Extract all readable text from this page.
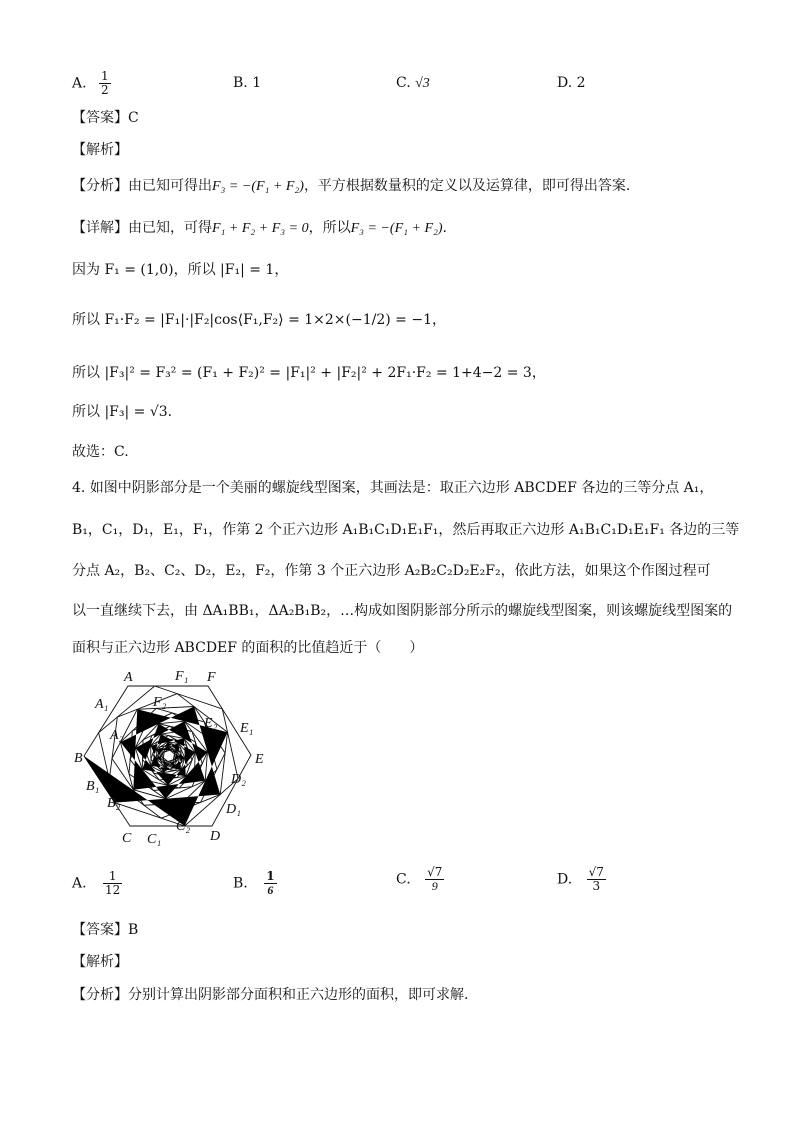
A. $\frac{1}{2}$	B. 1	C. √3	D. 2
【答案】C
【解析】
【分析】由已知可得出F₃ = −(F₁ + F₂)，平方根据数量积的定义以及运算律，即可得出答案.
【详解】由已知，可得F₁ + F₂ + F₃ = 0，所以F₃ = −(F₁ + F₂).
因为 F₁ = (1,0)，所以 |F₁| = 1，
所以 F₁·F₂ = |F₁|·|F₂|cos⟨F₁,F₂⟩ = 1×2×(−1/2) = −1，
所以 |F₃|² = F₃² = (F₁ + F₂)² = |F₁|² + |F₂|² + 2F₁·F₂ = 1+4−2 = 3，
所以 |F₃| = √3.
故选：C.
4. 如图中阴影部分是一个美丽的螺旋线型图案，其画法是：取正六边形 ABCDEF 各边的三等分点 A₁，
B₁，C₁，D₁，E₁，F₁，作第 2 个正六边形 A₁B₁C₁D₁E₁F₁，然后再取正六边形 A₁B₁C₁D₁E₁F₁ 各边的三等
分点 A₂，B₂、C₂、D₂，E₂，F₂，作第 3 个正六边形 A₂B₂C₂D₂E₂F₂，依此方法，如果这个作图过程可
以一直继续下去，由 ΔA₁BB₁，ΔA₂B₁B₂，…构成如图阴影部分所示的螺旋线型图案，则该螺旋线型图案的
面积与正六边形 ABCDEF 的面积的比值趋近于（　　）
A	F₁ F
A₁	F₂
E₂ E₁
A₂
B	E
D₂
B₁
D₁
B₂
C₂
C C₁	D
A. $\frac{1}{12}$	B. $\frac{1}{6}$	C. $\frac{√7}{9}$	D. $\frac{√7}{3}$
【答案】B
【解析】
【分析】分别计算出阴影部分面积和正六边形的面积，即可求解.
